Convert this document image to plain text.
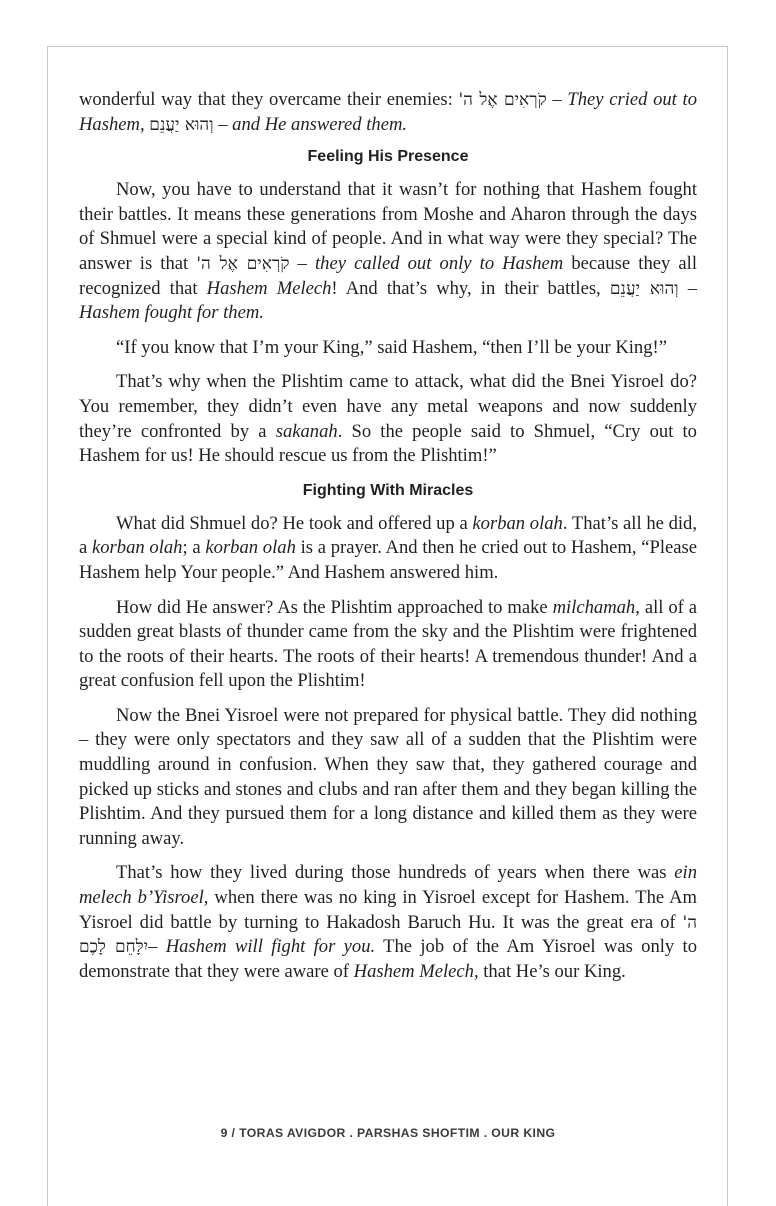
wonderful way that they overcame their enemies: קֹרְאִים אֶל ה' – They cried out to Hashem, וְהוּא יַעֲנֵם – and He answered them.

Feeling His Presence

Now, you have to understand that it wasn’t for nothing that Hashem fought their battles. It means these generations from Moshe and Aharon through the days of Shmuel were a special kind of people. And in what way were they special? The answer is that קֹרְאִים אֶל ה' – they called out only to Hashem because they all recognized that Hashem Melech! And that’s why, in their battles, וְהוּא יַעֲנֵם – Hashem fought for them.

“If you know that I’m your King,” said Hashem, “then I’ll be your King!”

That’s why when the Plishtim came to attack, what did the Bnei Yisroel do? You remember, they didn’t even have any metal weapons and now suddenly they’re confronted by a sakanah. So the people said to Shmuel, “Cry out to Hashem for us! He should rescue us from the Plishtim!”

Fighting With Miracles

What did Shmuel do? He took and offered up a korban olah. That’s all he did, a korban olah; a korban olah is a prayer. And then he cried out to Hashem, “Please Hashem help Your people.” And Hashem answered him.

How did He answer? As the Plishtim approached to make milchamah, all of a sudden great blasts of thunder came from the sky and the Plishtim were frightened to the roots of their hearts. The roots of their hearts! A tremendous thunder! And a great confusion fell upon the Plishtim!

Now the Bnei Yisroel were not prepared for physical battle. They did nothing – they were only spectators and they saw all of a sudden that the Plishtim were muddling around in confusion. When they saw that, they gathered courage and picked up sticks and stones and clubs and ran after them and they began killing the Plishtim. And they pursued them for a long distance and killed them as they were running away.

That’s how they lived during those hundreds of years when there was ein melech b’Yisroel, when there was no king in Yisroel except for Hashem. The Am Yisroel did battle by turning to Hakadosh Baruch Hu. It was the great era of ה' יִלָּחֵם לָכֶם– Hashem will fight for you. The job of the Am Yisroel was only to demonstrate that they were aware of Hashem Melech, that He’s our King.

9 / TORAS AVIGDOR . PARSHAS SHOFTIM . OUR KING
